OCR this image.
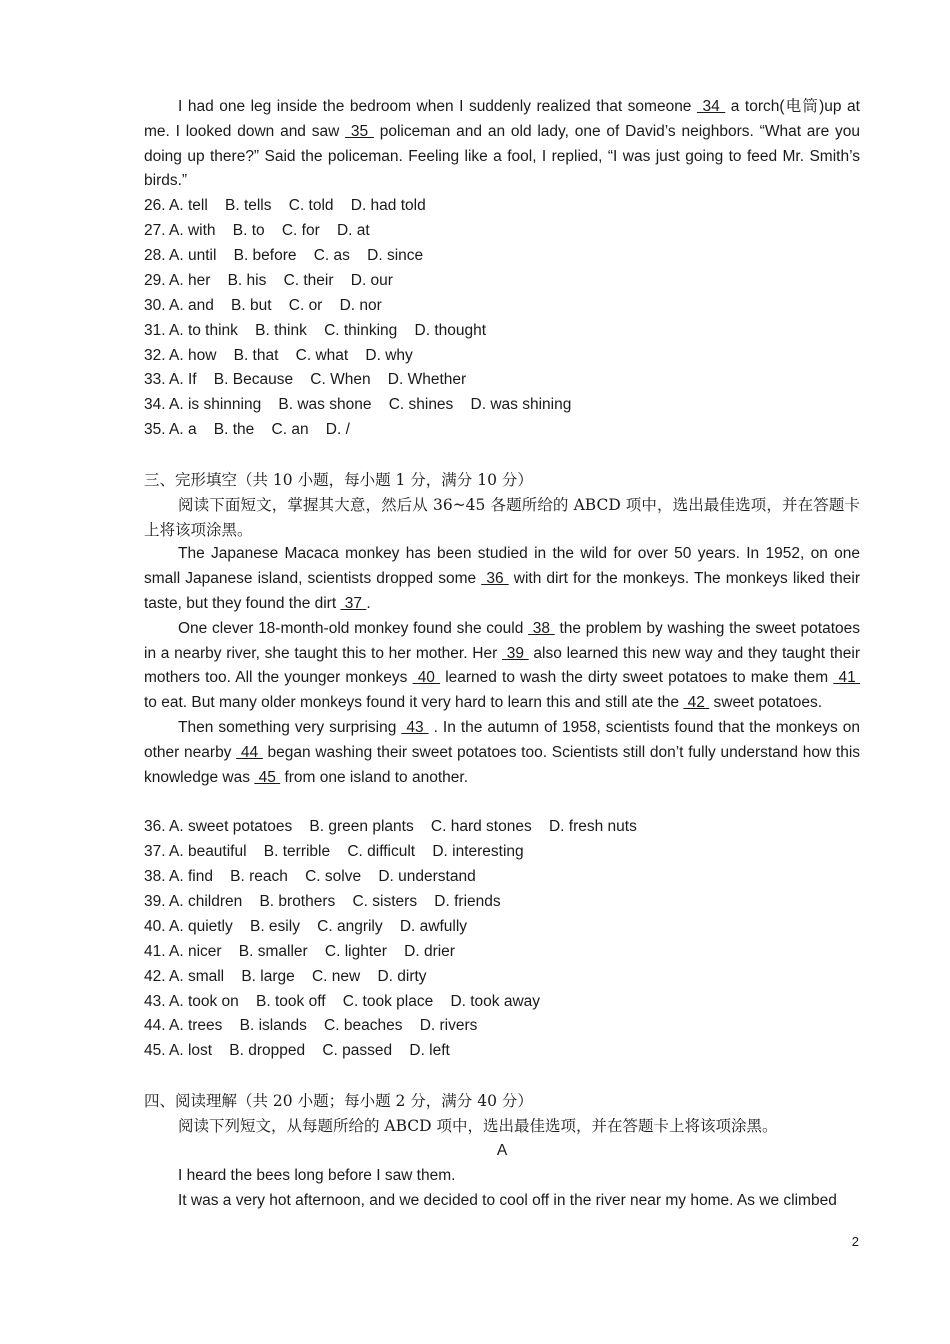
I had one leg inside the bedroom when I suddenly realized that someone  34  a torch(电筒)up at me. I looked down and saw  35  policeman and an old lady, one of David’s neighbors. “What are you doing up there?” Said the policeman. Feeling like a fool, I replied, “I was just going to feed Mr. Smith’s birds.”

26. A. tell    B. tells    C. told    D. had told
27. A. with    B. to    C. for    D. at
28. A. until    B. before    C. as    D. since
29. A. her    B. his    C. their    D. our
30. A. and    B. but    C. or    D. nor
31. A. to think    B. think    C. thinking    D. thought
32. A. how    B. that    C. what    D. why
33. A. If    B. Because    C. When    D. Whether
34. A. is shinning    B. was shone    C. shines    D. was shining
35. A. a    B. the    C. an    D. /
三、完形填空（共 10 小题，每小题 1 分，满分 10 分）

阅读下面短文，掌握其大意，然后从 36~45 各题所给的 ABCD 项中，选出最佳选项，并在答题卡上将该项涂黑。

The Japanese Macaca monkey has been studied in the wild for over 50 years. In 1952, on one small Japanese island, scientists dropped some  36  with dirt for the monkeys. The monkeys liked their taste, but they found the dirt  37 .

One clever 18-month-old monkey found she could  38  the problem by washing the sweet potatoes in a nearby river, she taught this to her mother. Her  39  also learned this new way and they taught their mothers too. All the younger monkeys  40  learned to wash the dirty sweet potatoes to make them  41  to eat. But many older monkeys found it very hard to learn this and still ate the  42  sweet potatoes.

Then something very surprising  43  . In the autumn of 1958, scientists found that the monkeys on other nearby  44  began washing their sweet potatoes too. Scientists still don’t fully understand how this knowledge was  45  from one island to another.

36. A. sweet potatoes    B. green plants    C. hard stones    D. fresh nuts
37. A. beautiful    B. terrible    C. difficult    D. interesting
38. A. find    B. reach    C. solve    D. understand
39. A. children    B. brothers    C. sisters    D. friends
40. A. quietly    B. esily    C. angrily    D. awfully
41. A. nicer    B. smaller    C. lighter    D. drier
42. A. small    B. large    C. new    D. dirty
43. A. took on    B. took off    C. took place    D. took away
44. A. trees    B. islands    C. beaches    D. rivers
45. A. lost    B. dropped    C. passed    D. left
四、阅读理解（共 20 小题；每小题 2 分，满分 40 分）
阅读下列短文，从每题所给的 ABCD 项中，选出最佳选项，并在答题卡上将该项涂黑。
A
I heard the bees long before I saw them.
It was a very hot afternoon, and we decided to cool off in the river near my home. As we climbed
2
